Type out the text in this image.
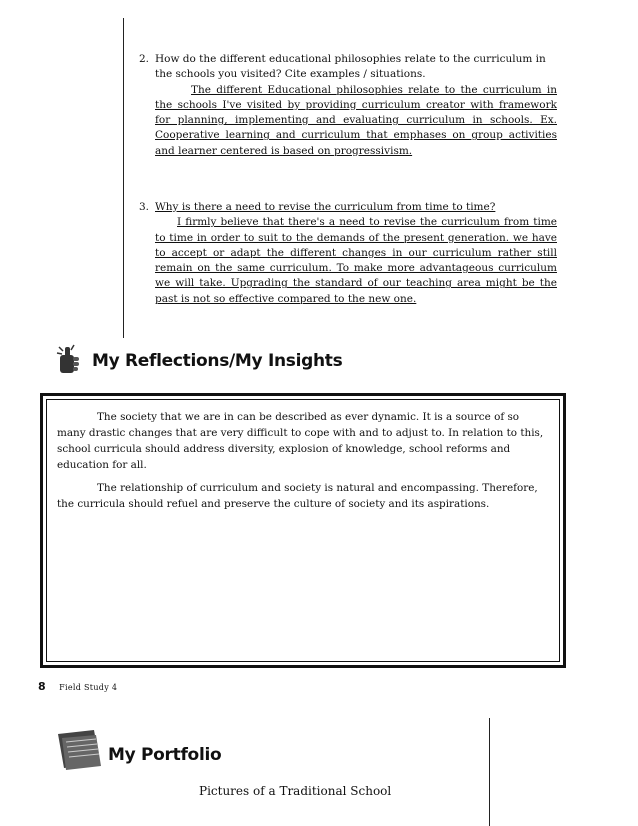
2. How do the different educational philosophies relate to the curriculum in the schools you visited? Cite examples / situations.
The different Educational philosophies relate to the curriculum in the schools I've visited by providing curriculum creator with framework for planning, implementing and evaluating curriculum in schools. Ex. Cooperative learning and curriculum that emphases on group activities and learner centered is based on progressivism.
3. Why is there a need to revise the curriculum from time to time?
I firmly believe that there's a need to revise the curriculum from time to time in order to suit to the demands of the present generation. we have to accept or adapt the different changes in our curriculum rather still remain on the same curriculum. To make more advantageous curriculum we will take. Upgrading the standard of our teaching area might be the past is not so effective compared to the new one.
My Reflections/My Insights

The society that we are in can be described as ever dynamic. It is a source of so many drastic changes that are very difficult to cope with and to adjust to. In relation to this, school curricula should address diversity, explosion of knowledge, school reforms and education for all.

The relationship of curriculum and society is natural and encompassing. Therefore, the curricula should refuel and preserve the culture of society and its aspirations.

8 Field Study 4
My Portfolio
Pictures of a Traditional School
